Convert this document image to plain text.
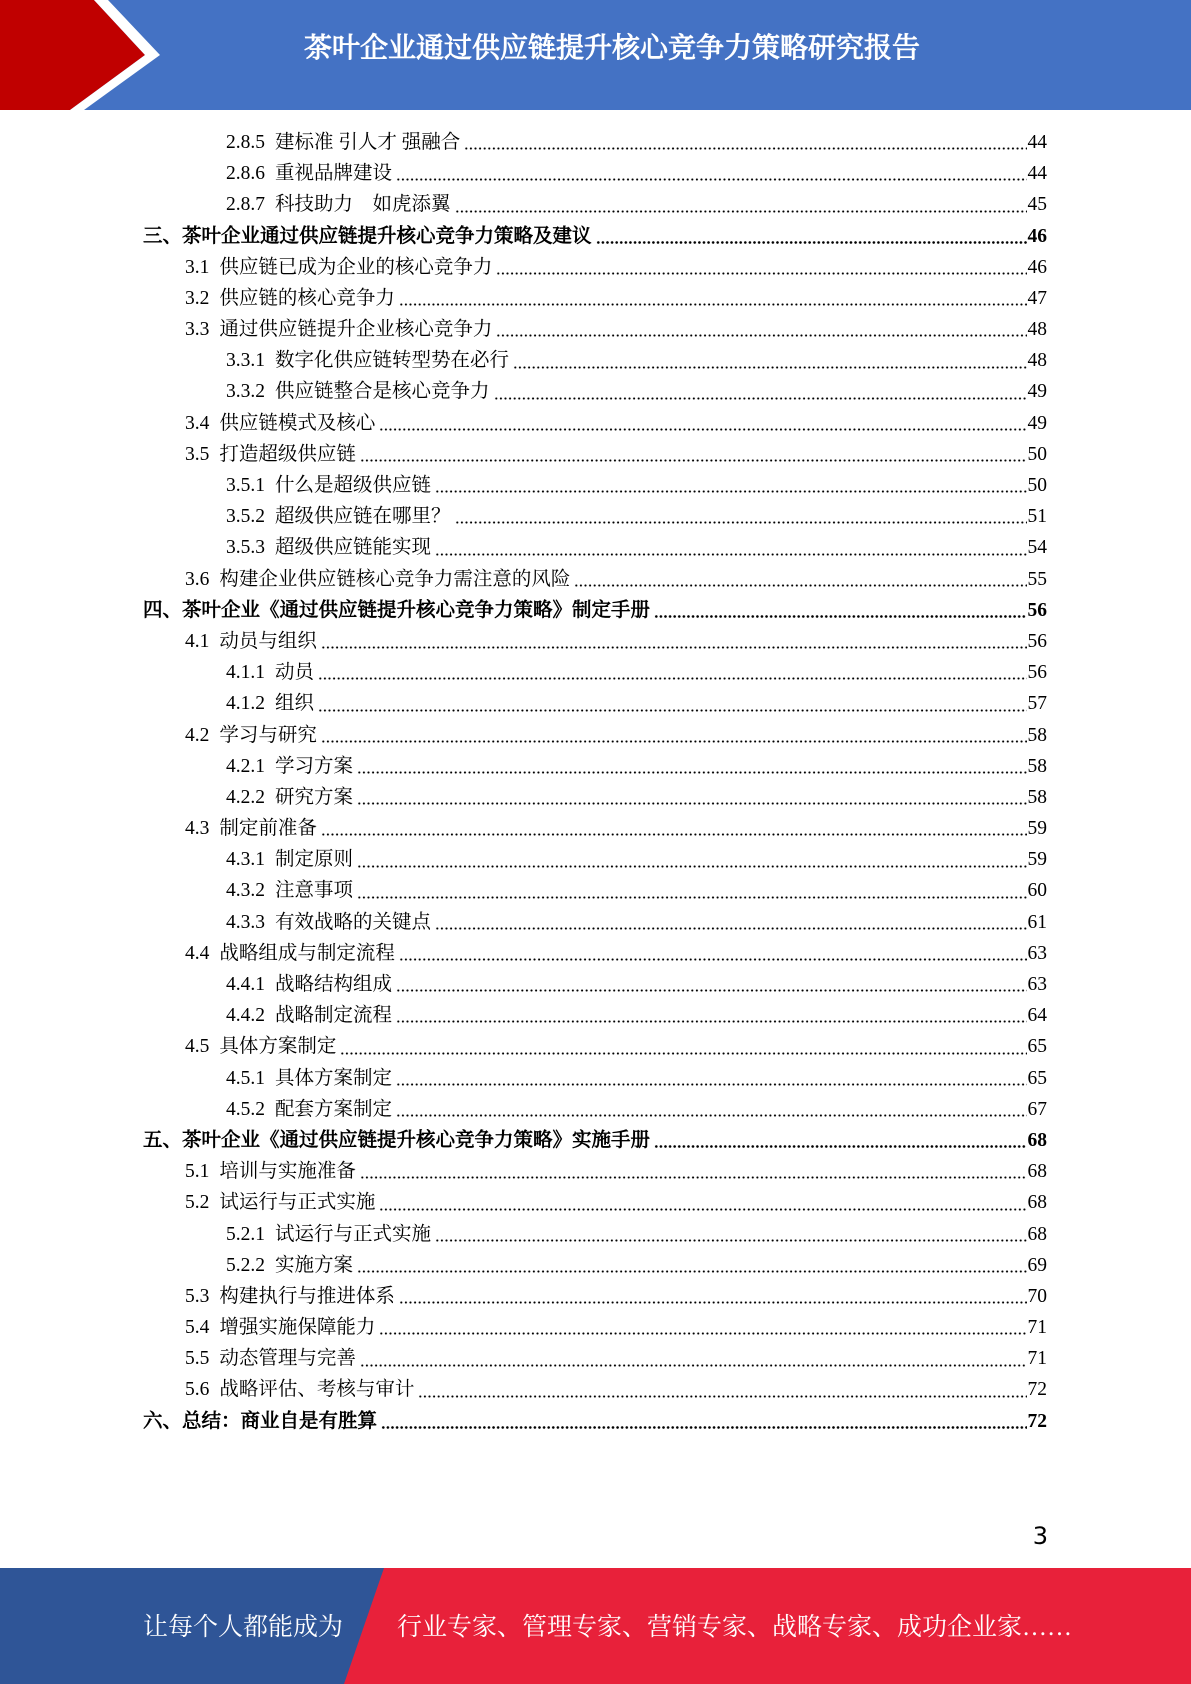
茶叶企业通过供应链提升核心竞争力策略研究报告
2.8.5 建标准 引人才 强融合	44
2.8.6 重视品牌建设	44
2.8.7 科技助力　如虎添翼	45
三、 茶叶企业通过供应链提升核心竞争力策略及建议	46
3.1 供应链已成为企业的核心竞争力	46
3.2 供应链的核心竞争力	47
3.3 通过供应链提升企业核心竞争力	48
3.3.1 数字化供应链转型势在必行	48
3.3.2 供应链整合是核心竞争力	49
3.4 供应链模式及核心	49
3.5 打造超级供应链	50
3.5.1 什么是超级供应链	50
3.5.2 超级供应链在哪里？	51
3.5.3 超级供应链能实现	54
3.6 构建企业供应链核心竞争力需注意的风险	55
四、 茶叶企业《通过供应链提升核心竞争力策略》制定手册	56
4.1 动员与组织	56
4.1.1 动员	56
4.1.2 组织	57
4.2 学习与研究	58
4.2.1 学习方案	58
4.2.2 研究方案	58
4.3 制定前准备	59
4.3.1 制定原则	59
4.3.2 注意事项	60
4.3.3 有效战略的关键点	61
4.4 战略组成与制定流程	63
4.4.1 战略结构组成	63
4.4.2 战略制定流程	64
4.5 具体方案制定	65
4.5.1 具体方案制定	65
4.5.2 配套方案制定	67
五、 茶叶企业《通过供应链提升核心竞争力策略》实施手册	68
5.1 培训与实施准备	68
5.2 试运行与正式实施	68
5.2.1 试运行与正式实施	68
5.2.2 实施方案	69
5.3 构建执行与推进体系	70
5.4 增强实施保障能力	71
5.5 动态管理与完善	71
5.6 战略评估、考核与审计	72
六、 总结：商业自是有胜算	72
3
让每个人都能成为 行业专家、管理专家、营销专家、战略专家、成功企业家……
